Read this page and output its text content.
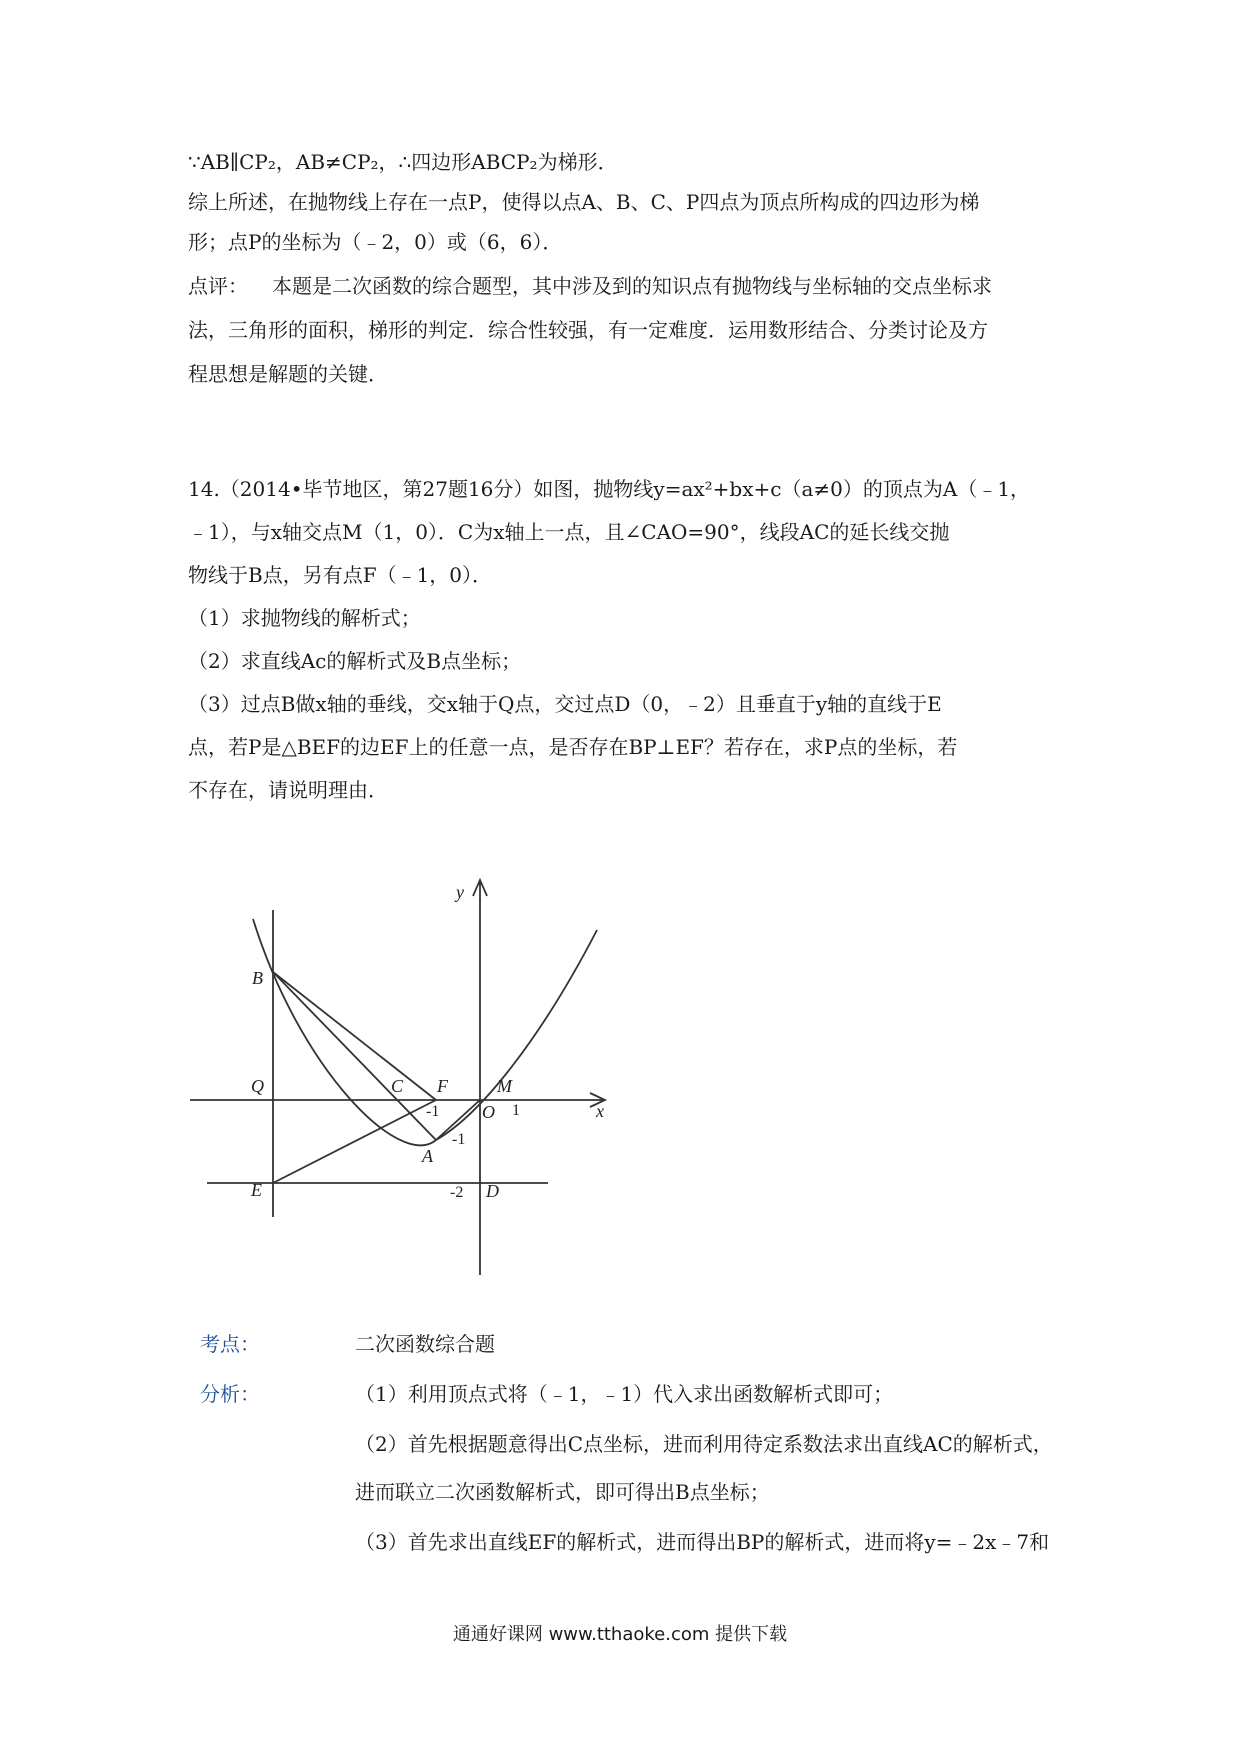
∵AB∥CP₂，AB≠CP₂，∴四边形ABCP₂为梯形．
综上所述，在抛物线上存在一点P，使得以点A、B、C、P四点为顶点所构成的四边形为梯
形；点P的坐标为（﹣2，0）或（6，6）．
点评： 本题是二次函数的综合题型，其中涉及到的知识点有抛物线与坐标轴的交点坐标求
法，三角形的面积，梯形的判定．综合性较强，有一定难度．运用数形结合、分类讨论及方
程思想是解题的关键．
14.（2014•毕节地区，第27题16分）如图，抛物线y=ax²+bx+c（a≠0）的顶点为A（﹣1，
﹣1），与x轴交点M（1，0）．C为x轴上一点，且∠CAO=90°，线段AC的延长线交抛
物线于B点，另有点F（﹣1，0）．
（1）求抛物线的解析式；
（2）求直线Ac的解析式及B点坐标；
（3）过点B做x轴的垂线，交x轴于Q点，交过点D（0，﹣2）且垂直于y轴的直线于E
点，若P是△BEF的边EF上的任意一点，是否存在BP⊥EF？若存在，求P点的坐标，若
不存在，请说明理由．
y
x
B
Q	C F	M
O
A
E	D
1
-1
-1
-2
考点：	二次函数综合题
分析：	（1）利用顶点式将（﹣1，﹣1）代入求出函数解析式即可；
（2）首先根据题意得出C点坐标，进而利用待定系数法求出直线AC的解析式，
进而联立二次函数解析式，即可得出B点坐标；
（3）首先求出直线EF的解析式，进而得出BP的解析式，进而将y=﹣2x﹣7和
通通好课网 www.tthaoke.com 提供下载
